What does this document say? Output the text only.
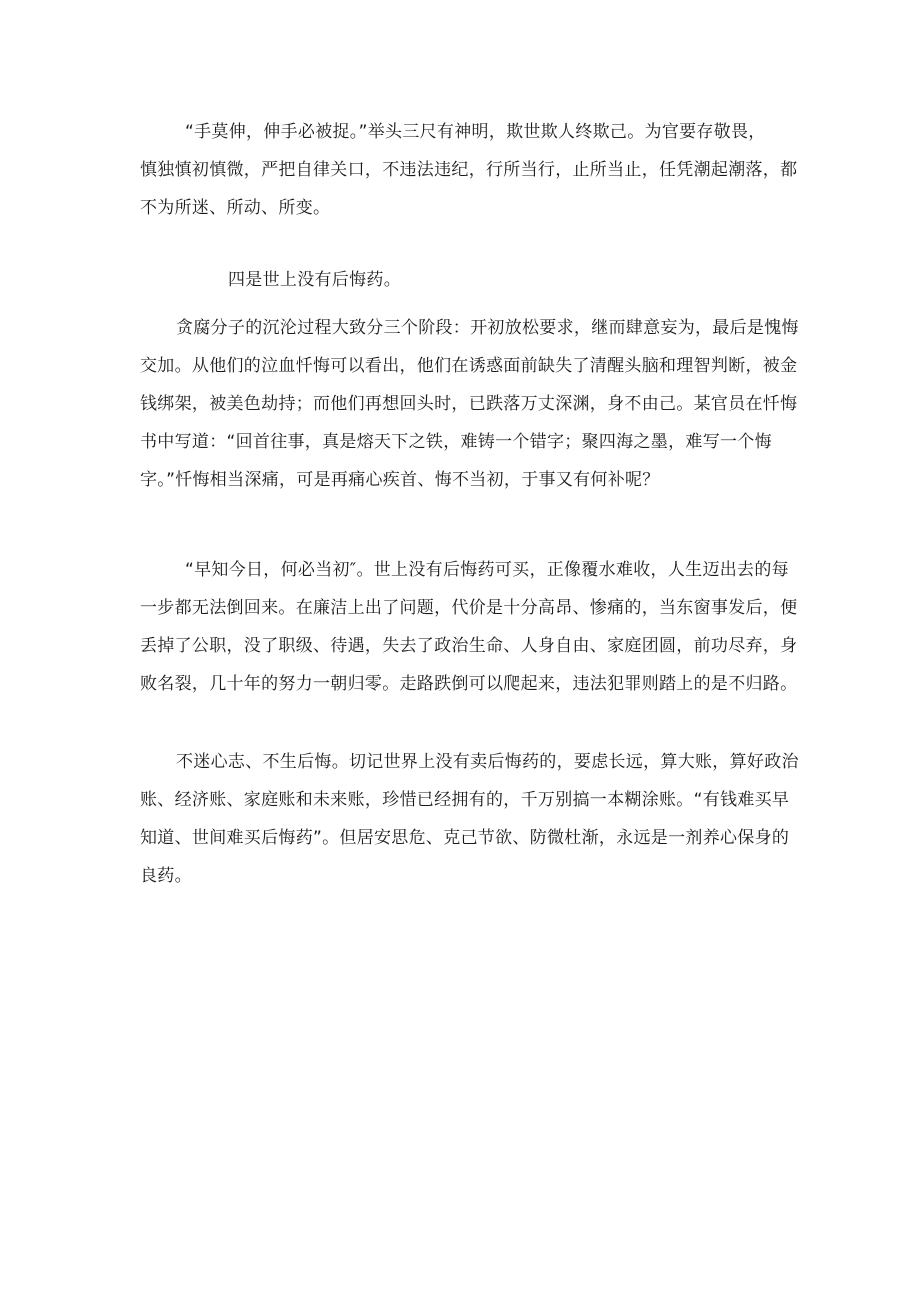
“手莫伸，伸手必被捉。”举头三尺有神明，欺世欺人终欺己。为官要存敬畏，
慎独慎初慎微，严把自律关口，不违法违纪，行所当行，止所当止，任凭潮起潮落，都
不为所迷、所动、所变。

四是世上没有后悔药。

贪腐分子的沉沦过程大致分三个阶段：开初放松要求，继而肆意妄为，最后是愧悔
交加。从他们的泣血忏悔可以看出，他们在诱惑面前缺失了清醒头脑和理智判断，被金
钱绑架，被美色劫持；而他们再想回头时，已跌落万丈深渊，身不由己。某官员在忏悔
书中写道：“回首往事，真是熔天下之铁，难铸一个错字；聚四海之墨，难写一个悔
字。”忏悔相当深痛，可是再痛心疾首、悔不当初，于事又有何补呢？

“早知今日，何必当初″。世上没有后悔药可买，正像覆水难收，人生迈出去的每
一步都无法倒回来。在廉洁上出了问题，代价是十分高昂、惨痛的，当东窗事发后，便
丢掉了公职，没了职级、待遇，失去了政治生命、人身自由、家庭团圆，前功尽弃，身
败名裂，几十年的努力一朝归零。走路跌倒可以爬起来，违法犯罪则踏上的是不归路。

不迷心志、不生后悔。切记世界上没有卖后悔药的，要虑长远，算大账，算好政治
账、经济账、家庭账和未来账，珍惜已经拥有的，千万别搞一本糊涂账。“有钱难买早
知道、世间难买后悔药”。但居安思危、克己节欲、防微杜渐，永远是一剂养心保身的
良药。
